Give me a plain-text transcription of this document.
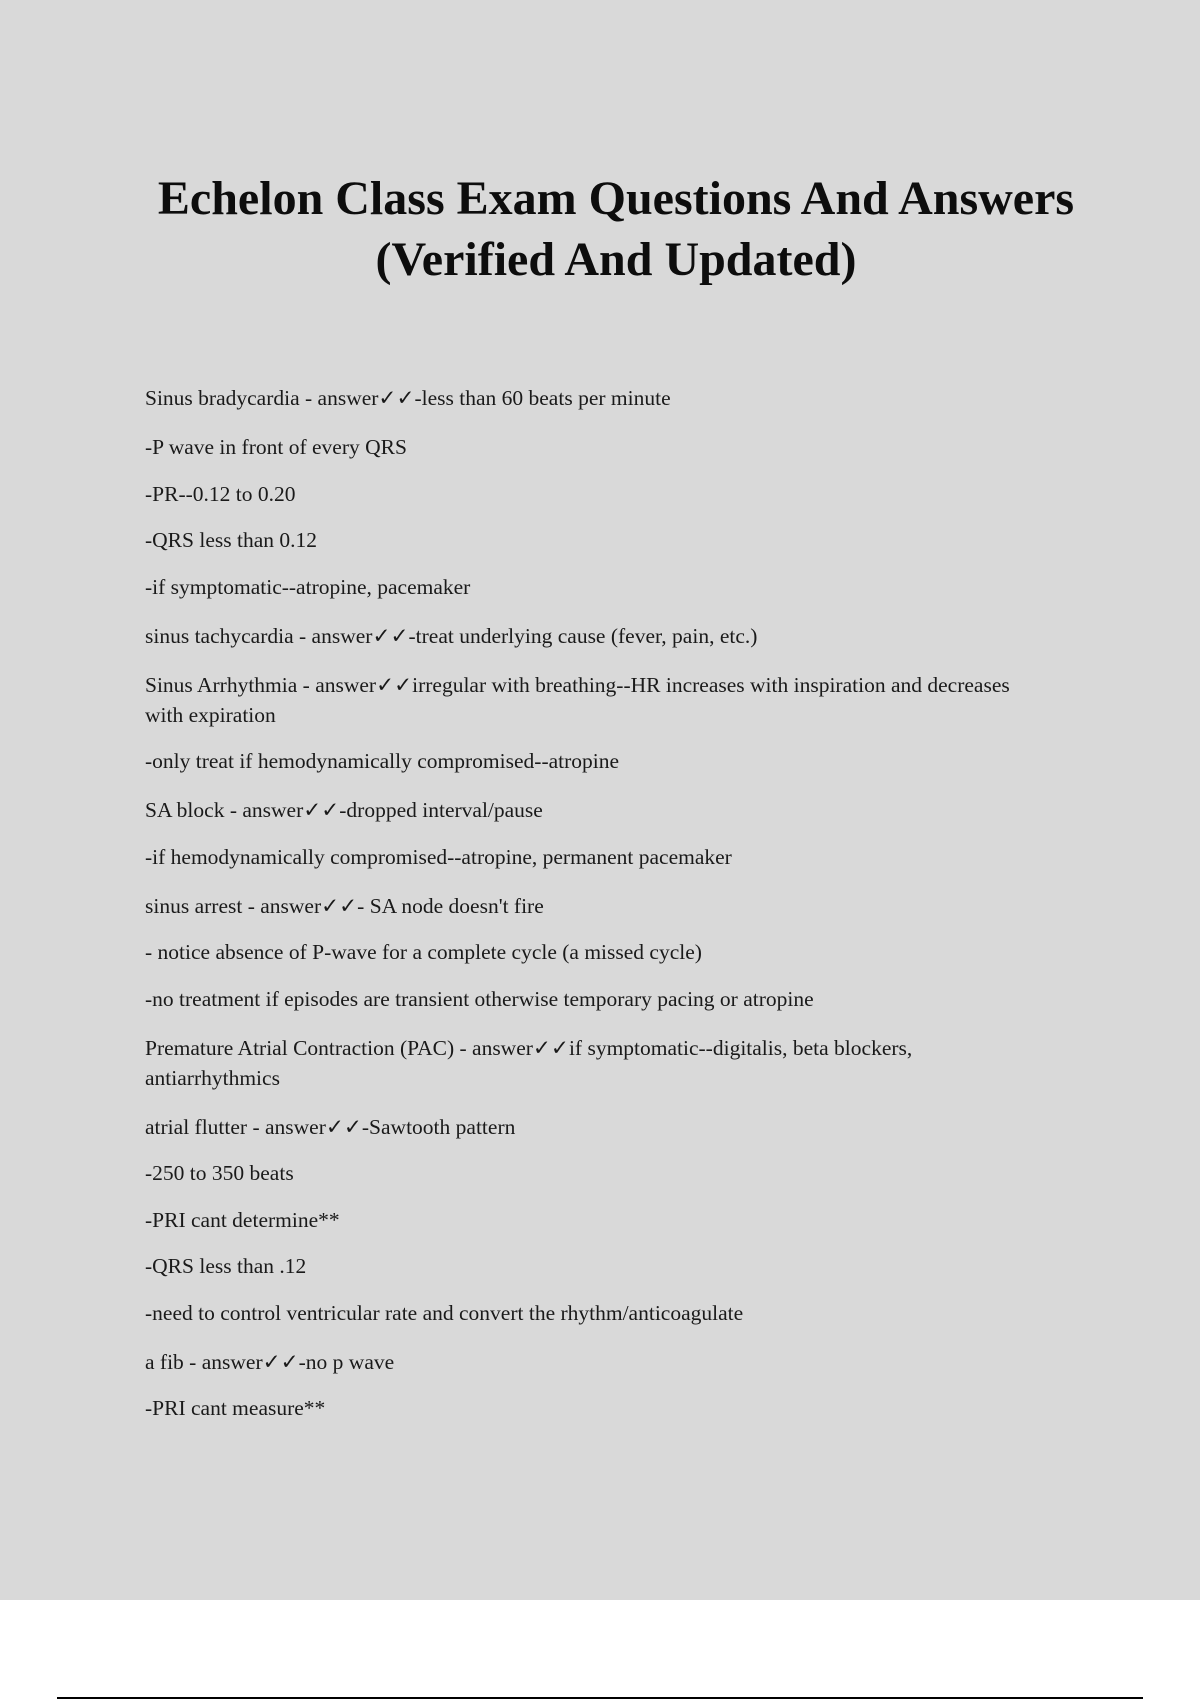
Echelon Class Exam Questions And Answers
(Verified And Updated)

Sinus bradycardia - answer✓✓-less than 60 beats per minute

-P wave in front of every QRS

-PR--0.12 to 0.20

-QRS less than 0.12

-if symptomatic--atropine, pacemaker

sinus tachycardia - answer✓✓-treat underlying cause (fever, pain, etc.)

Sinus Arrhythmia - answer✓✓irregular with breathing--HR increases with inspiration and decreases with expiration

-only treat if hemodynamically compromised--atropine

SA block - answer✓✓-dropped interval/pause

-if hemodynamically compromised--atropine, permanent pacemaker

sinus arrest - answer✓✓- SA node doesn't fire

- notice absence of P-wave for a complete cycle (a missed cycle)

-no treatment if episodes are transient otherwise temporary pacing or atropine

Premature Atrial Contraction (PAC) - answer✓✓if symptomatic--digitalis, beta blockers, antiarrhythmics

atrial flutter - answer✓✓-Sawtooth pattern

-250 to 350 beats

-PRI cant determine**

-QRS less than .12

-need to control ventricular rate and convert the rhythm/anticoagulate

a fib - answer✓✓-no p wave

-PRI cant measure**
